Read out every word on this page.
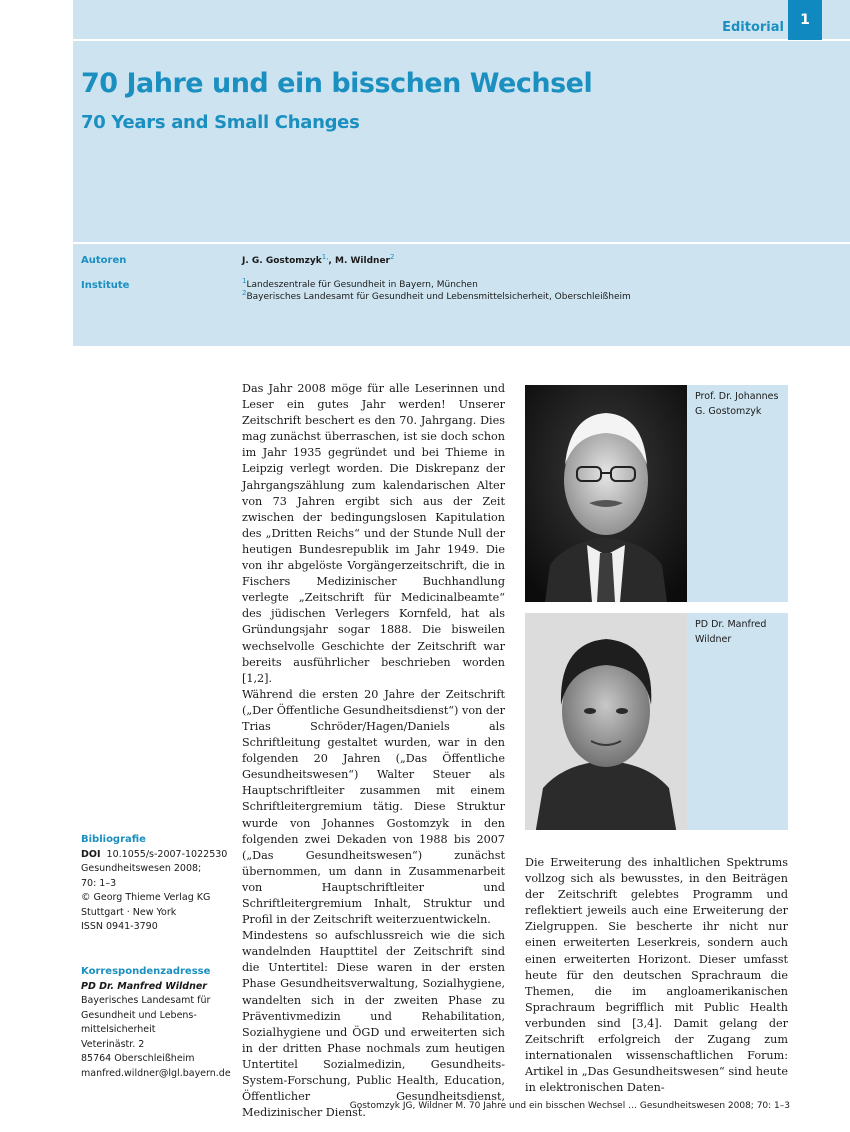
Editorial	1
70 Jahre und ein bisschen Wechsel
70 Years and Small Changes
Autoren	J. G. Gostomzyk$^{1,}$, M. Wildner$^2$
Institute	$^1$Landeszentrale für Gesundheit in Bayern, München
$^2$Bayerisches Landesamt für Gesundheit und Lebensmittelsicherheit, Oberschleißheim

Das Jahr 2008 möge für alle Leserinnen und Leser ein gutes Jahr werden! Unserer Zeitschrift beschert es den 70. Jahrgang. Dies mag zunächst überraschen, ist sie doch schon im Jahr 1935 gegründet und bei Thieme in Leipzig verlegt worden. Die Diskrepanz der Jahrgangszählung zum kalendarischen Alter von 73 Jahren ergibt sich aus der Zeit zwischen der bedingungslosen Kapitulation des „Dritten Reichs“ und der Stunde Null der heutigen Bundesrepublik im Jahr 1949. Die von ihr abgelöste Vorgängerzeitschrift, die in Fischers Medizinischer Buchhandlung verlegte „Zeitschrift für Medicinalbeamte“ des jüdischen Verlegers Kornfeld, hat als Gründungsjahr sogar 1888. Die bisweilen wechselvolle Geschichte der Zeitschrift war bereits ausführlicher beschrieben worden [1,2].

Während die ersten 20 Jahre der Zeitschrift („Der Öffentliche Gesundheitsdienst“) von der Trias Schröder/Hagen/Daniels als Schriftleitung gestaltet wurden, war in den folgenden 20 Jahren („Das Öffentliche Gesundheitswesen“) Walter Steuer als Hauptschriftleiter zusammen mit einem Schriftleitergremium tätig. Diese Struktur wurde von Johannes Gostomzyk in den folgenden zwei Dekaden von 1988 bis 2007 („Das Gesundheitswesen“) zunächst übernommen, um dann in Zusammenarbeit von Hauptschriftleiter und Schriftleitergremium Inhalt, Struktur und Profil in der Zeitschrift weiterzuentwickeln.

Mindestens so aufschlussreich wie die sich wandelnden Haupttitel der Zeitschrift sind die Untertitel: Diese waren in der ersten Phase Gesundheitsverwaltung, Sozialhygiene, wandelten sich in der zweiten Phase zu Präventivmedizin und Rehabilitation, Sozialhygiene und ÖGD und erweiterten sich in der dritten Phase nochmals zum heutigen Untertitel Sozialmedizin, Gesundheits-System-Forschung, Public Health, Education, Öffentlicher Gesundheitsdienst, Medizinischer Dienst.

Prof. Dr. Johannes G. Gostomzyk
PD Dr. Manfred Wildner

Die Erweiterung des inhaltlichen Spektrums vollzog sich als bewusstes, in den Beiträgen der Zeitschrift gelebtes Programm und reflektiert jeweils auch eine Erweiterung der Zielgruppen. Sie bescherte ihr nicht nur einen erweiterten Leserkreis, sondern auch einen erweiterten Horizont. Dieser umfasst heute für den deutschen Sprachraum die Themen, die im angloamerikanischen Sprachraum begrifflich mit Public Health verbunden sind [3,4]. Damit gelang der Zeitschrift erfolgreich der Zugang zum internationalen wissenschaftlichen Forum: Artikel in „Das Gesundheitswesen“ sind heute in elektronischen Daten-

Bibliografie
DOI 10.1055/s-2007-1022530
Gesundheitswesen 2008;
70: 1–3
© Georg Thieme Verlag KG
Stuttgart · New York
ISSN 0941-3790
Korrespondenzadresse
PD Dr. Manfred Wildner
Bayerisches Landesamt für
Gesundheit und Lebens-
mittelsicherheit
Veterinästr. 2
85764 Oberschleißheim
manfred.wildner@lgl.bayern.de
Gostomzyk JG, Wildner M. 70 Jahre und ein bisschen Wechsel … Gesundheitswesen 2008; 70: 1–3
